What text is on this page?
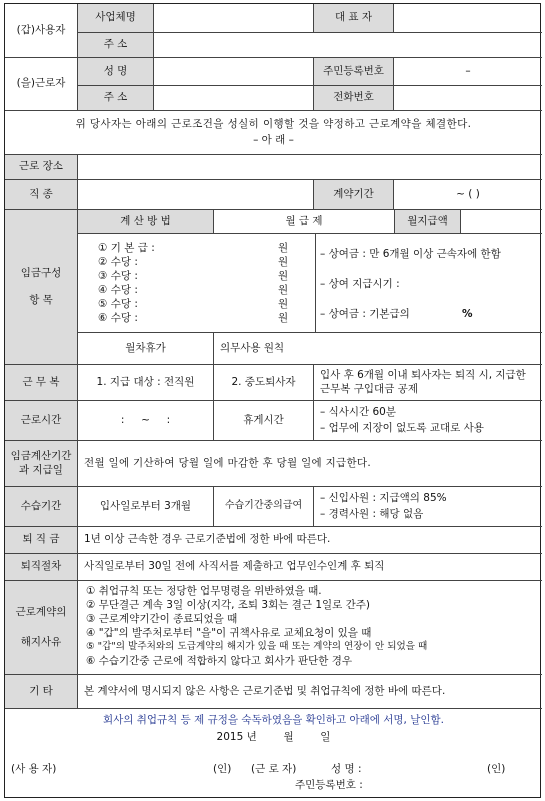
(갑)사용자
사업체명	대 표 자
주 소
(을)근로자
성 명	주민등록번호	–
주 소	전화번호
위 당사자는 아래의 근로조건을 성실히 이행할 것을 약정하고 근로계약을 체결한다.
– 아 래 –
근로 장소
직 종	계약기간	~ ( )
임금구성
항 목
계 산 방 법	월 급 제	월지급액
① 기 본 급 :	원
② 수당 :	원
③ 수당 :	원
④ 수당 :	원
⑤ 수당 :	원
⑥ 수당 :	원
– 상여금 : 만 6개월 이상 근속자에 한함
– 상여 지급시기 :
– 상여금 : 기본급의	%
월차휴가	의무사용 원칙
근 무 복	1. 지급 대상 : 전직원	2. 중도퇴사자
입사 후 6개월 이내 퇴사자는 퇴직 시, 지급한 근무복 구입대금 공제
근로시간	:     ~     :	휴게시간
– 식사시간 60분
– 업무에 지장이 없도록 교대로 사용
임금계산기간과 지급일
전월 일에 기산하여 당월 일에 마감한 후 당월 일에 지급한다.
수습기간	입사일로부터 3개월	수습기간중의급여
– 신입사원 : 지급액의 85%
– 경력사원 : 해당 없음
퇴 직 금 1년 이상 근속한 경우 근로기준법에 정한 바에 따른다.
퇴직절차 사직일로부터 30일 전에 사직서를 제출하고 업무인수인계 후 퇴직
근로계약의
해지사유
① 취업규칙 또는 정당한 업무명령을 위반하였을 때.
② 무단결근 계속 3일 이상(지각, 조퇴 3회는 결근 1일로 간주)
③ 근로계약기간이 종료되었을 때
④ "갑"의 발주처로부터 "을"이 귀책사유로 교체요청이 있을 때
⑤ "갑"의 발주처와의 도급계약의 해지가 있을 때 또는 계약의 연장이 안 되었을 때
⑥ 수습기간중 근로에 적합하지 않다고 회사가 판단한 경우
기 타	본 계약서에 명시되지 않은 사항은 근로기준법 및 취업규칙에 정한 바에 따른다.
회사의 취업규칙 등 제 규정을 숙독하였음을 확인하고 아래에 서명, 날인함.
2015 년        월        일
(사 용 자)	(인) (근 로 자)	성 명 :	(인)
주민등록번호 :
